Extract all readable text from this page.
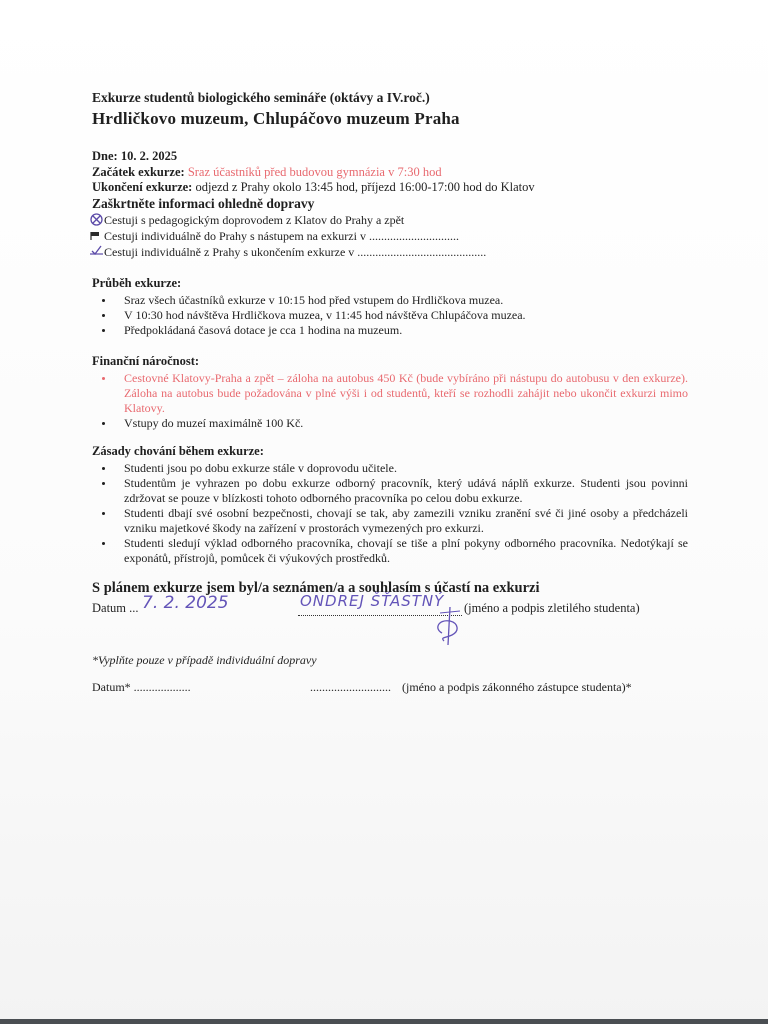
Exkurze studentů biologického semináře (oktávy a IV.roč.)

Hrdličkovo muzeum, Chlupáčovo muzeum Praha

Dne: 10. 2. 2025
Začátek exkurze: Sraz účastníků před budovou gymnázia v 7:30 hod
Ukončení exkurze: odjezd z Prahy okolo 13:45 hod, příjezd 16:00-17:00 hod do Klatov
Zaškrtněte informaci ohledně dopravy
Cestuji s pedagogickým doprovodem z Klatov do Prahy a zpět
Cestuji individuálně do Prahy s nástupem na exkurzi v ..............................
Cestuji individuálně z Prahy s ukončením exkurze v ...........................................
Průběh exkurze:
• Sraz všech účastníků exkurze v 10:15 hod před vstupem do Hrdličkova muzea.
• V 10:30 hod návštěva Hrdličkova muzea, v 11:45 hod návštěva Chlupáčova muzea.
• Předpokládaná časová dotace je cca 1 hodina na muzeum.
Finanční náročnost:
• Cestovné Klatovy-Praha a zpět – záloha na autobus 450 Kč (bude vybíráno při nástupu do autobusu v den exkurze). Záloha na autobus bude požadována v plné výši i od studentů, kteří se rozhodli zahájit nebo ukončit exkurzi mimo Klatovy.
• Vstupy do muzeí maximálně 100 Kč.
Zásady chování během exkurze:
• Studenti jsou po dobu exkurze stále v doprovodu učitele.
• Studentům je vyhrazen po dobu exkurze odborný pracovník, který udává náplň exkurze. Studenti jsou povinni zdržovat se pouze v blízkosti tohoto odborného pracovníka po celou dobu exkurze.
• Studenti dbají své osobní bezpečnosti, chovají se tak, aby zamezili vzniku zranění své či jiné osoby a předcházeli vzniku majetkové škody na zařízení v prostorách vymezených pro exkurzi.
• Studenti sledují výklad odborného pracovníka, chovají se tiše a plní pokyny odborného pracovníka. Nedotýkají se exponátů, přístrojů, pomůcek či výukových prostředků.
S plánem exkurze jsem byl/a seznámen/a a souhlasím s účastí na exkurzi
Datum ... 7. 2. 2025	ONDREJ ŠŤASTNÝ (jméno a podpis zletilého studenta)
*Vyplňte pouze v případě individuální dopravy
Datum* ...................	........................... (jméno a podpis zákonného zástupce studenta)*
